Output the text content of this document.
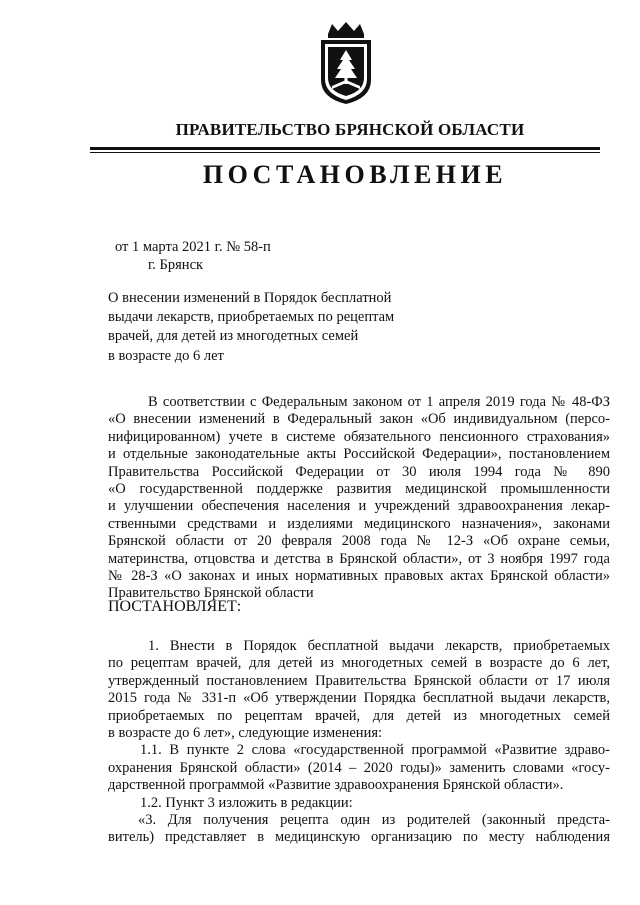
ПРАВИТЕЛЬСТВО БРЯНСКОЙ ОБЛАСТИ
ПОСТАНОВЛЕНИЕ
от 1 марта 2021 г. № 58-п
г. Брянск
О внесении изменений в Порядок бесплатной
выдачи лекарств, приобретаемых по рецептам
врачей, для детей из многодетных семей
в возрасте до 6 лет
В соответствии с Федеральным законом от 1 апреля 2019 года № 48-ФЗ
«О внесении изменений в Федеральный закон «Об индивидуальном (персо-
нифицированном) учете в системе обязательного пенсионного страхования»
и отдельные законодательные акты Российской Федерации», постановлением
Правительства Российской Федерации от 30 июля 1994 года № 890
«О государственной поддержке развития медицинской промышленности
и улучшении обеспечения населения и учреждений здравоохранения лекар-
ственными средствами и изделиями медицинского назначения», законами
Брянской области от 20 февраля 2008 года № 12-З «Об охране семьи,
материнства, отцовства и детства в Брянской области», от 3 ноября 1997 года
№ 28-З «О законах и иных нормативных правовых актах Брянской области»
Правительство Брянской области
ПОСТАНОВЛЯЕТ:
1. Внести в Порядок бесплатной выдачи лекарств, приобретаемых
по рецептам врачей, для детей из многодетных семей в возрасте до 6 лет,
утвержденный постановлением Правительства Брянской области от 17 июля
2015 года № 331-п «Об утверждении Порядка бесплатной выдачи лекарств,
приобретаемых по рецептам врачей, для детей из многодетных семей
в возрасте до 6 лет», следующие изменения:
1.1. В пункте 2 слова «государственной программой «Развитие здраво-
охранения Брянской области» (2014 – 2020 годы)» заменить словами «госу-
дарственной программой «Развитие здравоохранения Брянской области».
1.2. Пункт 3 изложить в редакции:
«3. Для получения рецепта один из родителей (законный предста-
витель) представляет в медицинскую организацию по месту наблюдения
